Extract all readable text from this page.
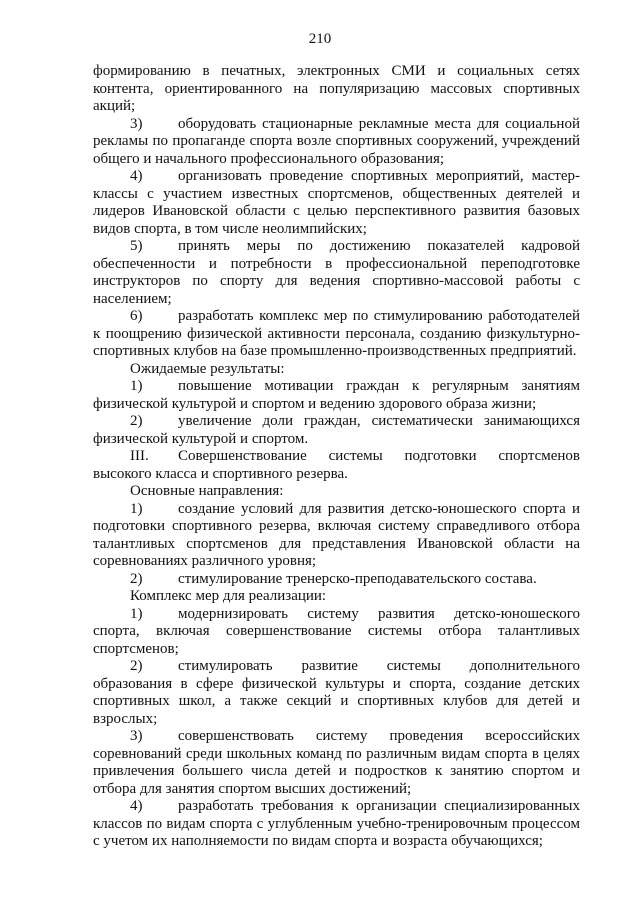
210

формированию в печатных, электронных СМИ и социальных сетях контента, ориентированного на популяризацию массовых спортивных акций;

3) оборудовать стационарные рекламные места для социальной рекламы по пропаганде спорта возле спортивных сооружений, учреждений общего и начального профессионального образования;

4) организовать проведение спортивных мероприятий, мастер-классы с участием известных спортсменов, общественных деятелей и лидеров Ивановской области с целью перспективного развития базовых видов спорта, в том числе неолимпийских;

5) принять меры по достижению показателей кадровой обеспеченности и потребности в профессиональной переподготовке инструкторов по спорту для ведения спортивно-массовой работы с населением;

6) разработать комплекс мер по стимулированию работодателей к поощрению физической активности персонала, созданию физкультурно-спортивных клубов на базе промышленно-производственных предприятий.

Ожидаемые результаты:

1) повышение мотивации граждан к регулярным занятиям физической культурой и спортом и ведению здорового образа жизни;

2) увеличение доли граждан, систематически занимающихся физической культурой и спортом.

III. Совершенствование системы подготовки спортсменов высокого класса и спортивного резерва.

Основные направления:

1) создание условий для развития детско-юношеского спорта и подготовки спортивного резерва, включая систему справедливого отбора талантливых спортсменов для представления Ивановской области на соревнованиях различного уровня;

2) стимулирование тренерско-преподавательского состава.

Комплекс мер для реализации:

1) модернизировать систему развития детско-юношеского спорта, включая совершенствование системы отбора талантливых спортсменов;

2) стимулировать развитие системы дополнительного образования в сфере физической культуры и спорта, создание детских спортивных школ, а также секций и спортивных клубов для детей и взрослых;

3) совершенствовать систему проведения всероссийских соревнований среди школьных команд по различным видам спорта в целях привлечения большего числа детей и подростков к занятию спортом и отбора для занятия спортом высших достижений;

4) разработать требования к организации специализированных классов по видам спорта с углубленным учебно-тренировочным процессом с учетом их наполняемости по видам спорта и возраста обучающихся;
